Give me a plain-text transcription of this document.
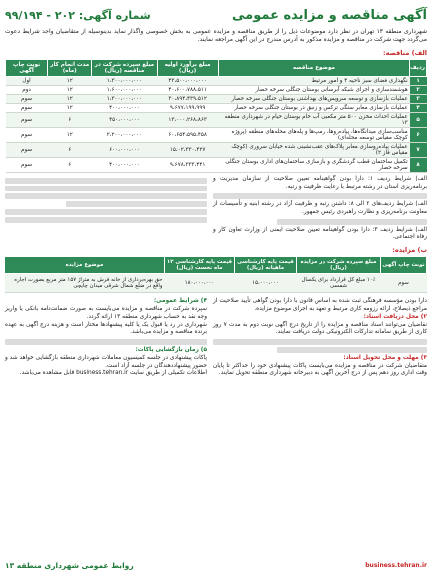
آگهی مناقصه و مزایده عمومی
شماره آگهی: ۲۰۲ - ۹۹/۱۹۴
شهرداری منطقه ۱۳ تهران در نظر دارد موضوعات ذیل را از طریق مناقصه و مزایده عمومی به بخش خصوصی واگذار نماید بدینوسیله از متقاضیان واجد شرایط دعوت می‌گردد جهت شرکت در مناقصه و مزایده مذکور به آدرس مندرج در این آگهی مراجعه نمایند.
الف) مناقصه:
ردیف	موضوع مناقصه	مبلغ برآورد اولیه (ریال)	مبلغ سپرده شرکت در مناقصه (ریال)	مدت انجام کار (ماه)	نوبت چاپ آگهی
۱	نگهداری فضای سبز ناحیه ۴ و امور مرتبط	۴۳،۵۰۰،۰۰۰،۰۰۰	۱،۳۰۰،۰۰۰،۰۰۰	۱۲	اول
۲	هوشمندسازی و اجرای شبکه آبرسانی بوستان جنگلی سرخه حصار	۴۰،۶۰۰،۷۸۸،۵۱۱	۱،۶۰۰،۰۰۰،۰۰۰	۱۲	دوم
۳	عملیات بازسازی و توسعه سرویس‌های بهداشتی بوستان جنگلی سرخه حصار	۳۰،۸۹۴،۴۳۹،۵۱۲	۱،۳۰۰،۰۰۰،۰۰۰	۱۲	سوم
۴	عملیات بازسازی معابر سنگی ترکس و زنبق در بوستان جنگلی سرخه حصار	۹،۶۷۷،۱۹۹،۹۹۹	۴۰۰،۰۰۰،۰۰۰	۱۲	سوم
۵	عملیات احداث مخزن ۵۰۰ متر مکعبی آب خام بوستان خیام در شهرداری منطقه ۱۳	۱۳،۰۰۰،۲۶۸،۸۶۳	۴۵۰،۰۰۰،۰۰۰	۶	سوم
۶	مناسب‌سازی میدانگاه‌ها، پیاده‌روها، رمپ‌ها و پله‌های محله‌های منطقه (پروژه کوچک مقیاس توسعه محله‌ای)	۶۰،۶۵۴،۵۹۵،۴۵۸	۲،۲۰۰،۰۰۰،۰۰۰	۱۲	سوم
۷	عملیات پیاده‌روسازی معابر پلاک‌های عقب‌نشینی شده خیابان سروری (کوچک مقیاس فاز ۲)	۱۵،۰۲،۳۳۰،۴۲۷	۶۰۰،۰۰۰،۰۰۰	۶	سوم
۸	تکمیل ساختمان قطب گردشگری و بازسازی ساختمان‌های اداری بوستان جنگلی سرخه حصار	۹،۶۷۸،۳۳۳،۴۴۱	۴۰۰،۰۰۰،۰۰۰	۶	سوم
الف) شرایط ردیف ۱: دارا بودن گواهینامه تعیین صلاحیت از سازمان مدیریت و برنامه‌ریزی استان در رشته مرتبط با رعایت ظرفیت و رتبه.
الف) شرایط ردیف‌های ۲ الی ۸: داشتن رتبه و ظرفیت آزاد در رشته ابنیه و تأسیسات از معاونت برنامه‌ریزی و نظارت راهبردی رئیس جمهور.
الف) شرایط ردیف ۳: دارا بودن گواهینامه تعیین صلاحیت ایمنی از وزارت تعاون کار و رفاه اجتماعی.
ب) مزایده:
نوبت چاپ آگهی	مبلغ سپرده شرکت در مزایده (ریال)	قیمت پایه کارشناسی ماهیانه (ریال)	قیمت پایه کارشناسی ۱۲ ماه نخست (ریال)	موضوع مزایده
سوم	۱۰٪ مبلغ کل قرارداد برای یکسال شمسی	۱۵،۰۰۰،۰۰۰	۱۸۰،۰۰۰،۰۰۰	حق بهره‌برداری از خانه فرش به متراژ ۱۵۷ متر مربع بصورت اجاره واقع در ضلع شمال شرقی میدان چایچی
دارا بودن مؤسسه فرهنگی ثبت شده به اساس قانون با دارا بودن گواهی تأیید صلاحیت از مراجع ذیصلاح، ارائه رزومه کاری مرتبط و تعهد به اجرای موضوع مزایده.
۲) محل دریافت اسناد:
نقاضیان می‌توانند اسناد مناقصه و مزایده را از تاریخ درج آگهی نوبت دوم به مدت ۷ روز کاری از طریق سامانه تدارکات الکترونیکی دولت دریافت نمایند.
۳) مهلت و محل تحویل اسناد:
متقاضیان شرکت در مناقصه و مزایده می‌بایست پاکات پیشنهادی خود را حداکثر تا پایان وقت اداری روز دهم پس از درج آخرین آگهی به دبیرخانه شهرداری منطقه تحویل نمایند.
۴) شرایط عمومی:
سپرده شرکت در مناقصه و مزایده می‌بایست به صورت ضمانت‌نامه بانکی یا واریز وجه نقد به حساب شهرداری منطقه ۱۳ ارائه گردد.
شهرداری در رد یا قبول یک یا کلیه پیشنهادها مختار است و هزینه درج آگهی به عهده برنده مناقصه و مزایده می‌باشد.
۵) زمان بازگشایی پاکات:
پاکات پیشنهادی در جلسه کمیسیون معاملات شهرداری منطقه بازگشایی خواهد شد و حضور پیشنهاددهندگان در جلسه آزاد است.
اطلاعات تکمیلی از طریق سایت business.tehran.ir قابل مشاهده می‌باشد.
business.tehran.ir
روابط عمومی شهرداری منطقه ۱۳
